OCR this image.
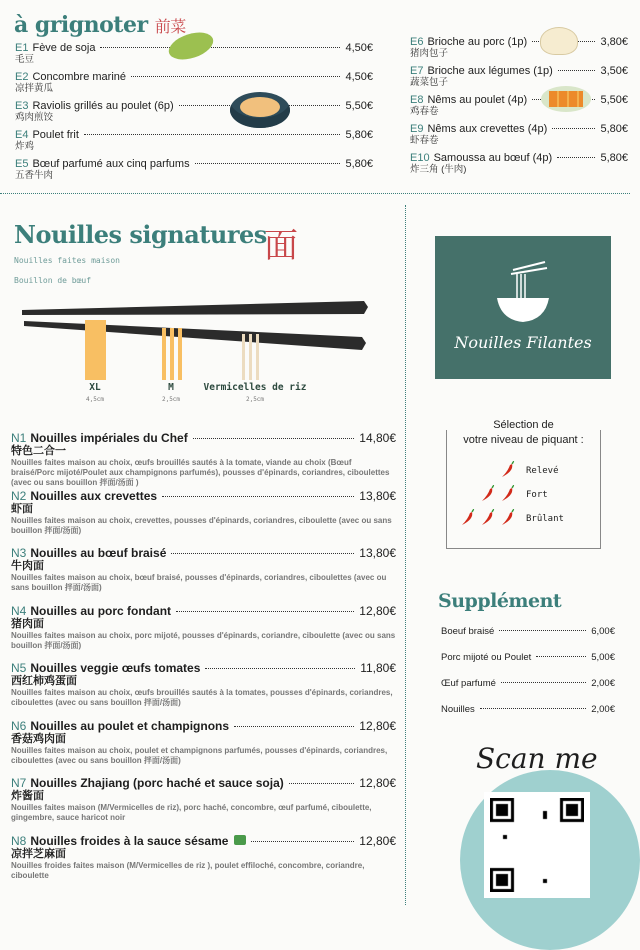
à grignoter 前菜
E1 Fève de soja	4,50€
毛豆
E2 Concombre mariné	4,50€
凉拌黄瓜
E3 Raviolis grillés au poulet (6p)	5,50€
鸡肉煎饺
E4 Poulet frit	5,80€
炸鸡
E5 Bœuf parfumé aux cinq parfums	5,80€
五香牛肉
E6 Brioche au porc (1p)	3,80€
猪肉包子
E7 Brioche aux légumes (1p)	3,50€
蔬菜包子
E8 Nêms au poulet (4p)	5,50€
鸡春卷
E9 Nêms aux crevettes (4p)	5,80€
虾春卷
E10 Samoussa au bœuf (4p)	5,80€
炸三角 (牛肉)
Nouilles signatures
面
Nouilles faites maison
Bouillon de bœuf
XL
4,5cm
M
2,5cm
Vermicelles de riz
2,5cm
N1 Nouilles impériales du Chef	14,80€
特色二合一
Nouilles faites maison au choix, œufs brouillés sautés à la tomate, viande au choix (Bœuf braisé/Porc mijoté/Poulet aux champignons parfumés), pousses d'épinards, coriandres, ciboulettes (avec ou sans bouillon 拌面/汤面 )
N2 Nouilles aux crevettes	13,80€
虾面
Nouilles faites maison au choix, crevettes, pousses d'épinards, coriandres, ciboulette (avec ou sans bouillon 拌面/汤面)
N3 Nouilles au bœuf braisé	13,80€
牛肉面
Nouilles faites maison au choix, bœuf braisé, pousses d'épinards, coriandres, ciboulettes (avec ou sans bouillon 拌面/汤面)
N4 Nouilles au porc fondant	12,80€
猪肉面
Nouilles faites maison au choix, porc mijoté, pousses d'épinards, coriandre, ciboulette (avec ou sans bouillon 拌面/汤面)
N5 Nouilles veggie œufs tomates	11,80€
西红柿鸡蛋面
Nouilles faites maison au choix, œufs brouillés sautés à la tomates, pousses d'épinards, coriandres, ciboulettes (avec ou sans bouillon 拌面/汤面)
N6 Nouilles au poulet et champignons	12,80€
香菇鸡肉面
Nouilles faites maison au choix, poulet et champignons parfumés, pousses d'épinards, coriandres, ciboulettes (avec ou sans bouillon 拌面/汤面)
N7 Nouilles Zhajiang (porc haché et sauce soja)	12,80€
炸酱面
Nouilles faites maison (M/Vermicelles de riz), porc haché, concombre, œuf parfumé, ciboulette, gingembre, sauce haricot noir
N8 Nouilles froides à la sauce sésame	12,80€
凉拌芝麻面
Nouilles froides faites maison (M/Vermicelles de riz ), poulet effiloché, concombre, coriandre, ciboulette
Nouilles Filantes
Sélection de
votre niveau de piquant :
Relevé
Fort
Brûlant
Supplément
Boeuf braisé	6,00€
Porc mijoté ou Poulet	5,00€
Œuf parfumé	2,00€
Nouilles	2,00€
Scan me
